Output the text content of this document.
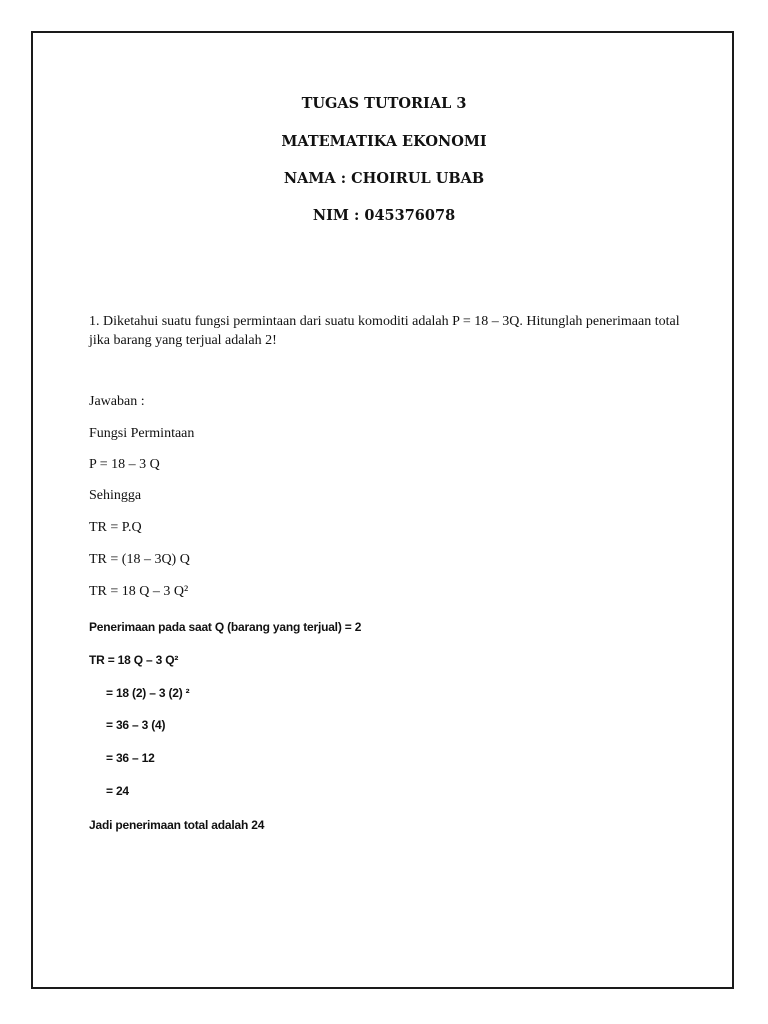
TUGAS TUTORIAL 3

MATEMATIKA EKONOMI

NAMA : CHOIRUL UBAB

NIM : 045376078

1. Diketahui suatu fungsi permintaan dari suatu komoditi adalah P = 18 – 3Q. Hitunglah penerimaan total jika barang yang terjual adalah 2!

Jawaban :

Fungsi Permintaan

P = 18 – 3 Q

Sehingga

TR = P.Q

TR = (18 – 3Q) Q

TR = 18 Q – 3 Q²

Penerimaan pada saat Q (barang yang terjual) = 2

TR = 18 Q – 3 Q²

= 18 (2) – 3 (2) ²

= 36 – 3 (4)

= 36 – 12

= 24

Jadi penerimaan total adalah 24
